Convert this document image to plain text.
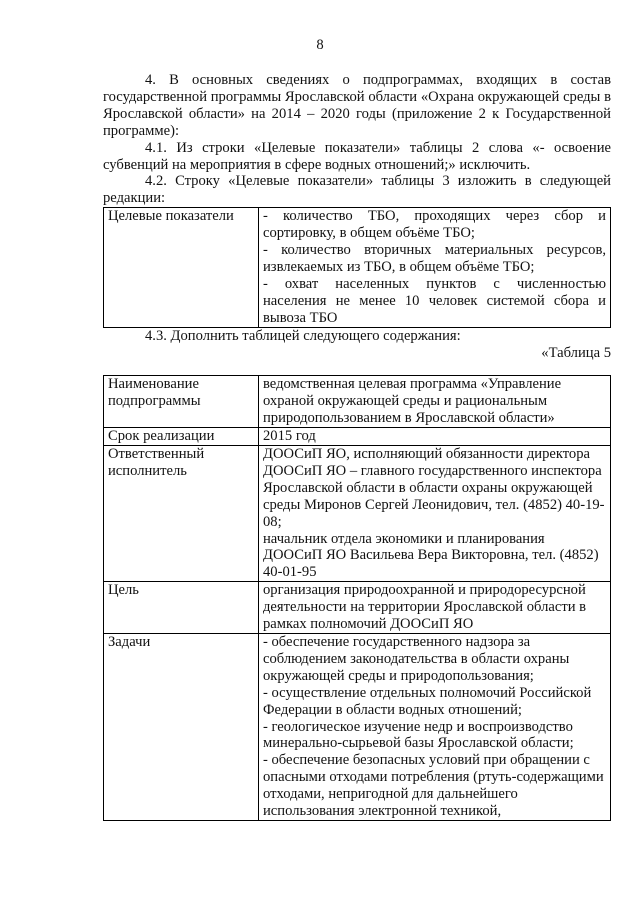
8

4. В основных сведениях о подпрограммах, входящих в состав государственной программы Ярославской области «Охрана окружающей среды в Ярославской области» на 2014 – 2020 годы (приложение 2 к Государственной программе):

4.1. Из строки «Целевые показатели» таблицы 2 слова «- освоение субвенций на мероприятия в сфере водных отношений;» исключить.

4.2. Строку «Целевые показатели» таблицы 3 изложить в следующей редакции:

Целевые показатели	- количество ТБО, проходящих через сбор и сортировку, в общем объёме ТБО;
- количество вторичных материальных ресурсов, извлекаемых из ТБО, в общем объёме ТБО;
- охват населенных пунктов с численностью населения не менее 10 человек системой сбора и вывоза ТБО

4.3. Дополнить таблицей следующего содержания:

«Таблица 5

Наименование подпрограммы	ведомственная целевая программа «Управление охраной окружающей среды и рациональным природопользованием в Ярославской области»

Срок реализации	2015 год

Ответственный исполнитель	ДООСиП ЯО, исполняющий обязанности директора ДООСиП ЯО – главного государственного инспектора Ярославской области в области охраны окружающей среды Миронов Сергей Леонидович, тел. (4852) 40-19-08;
начальник отдела экономики и планирования ДООСиП ЯО Васильева Вера Викторовна, тел. (4852) 40-01-95

Цель	организация природоохранной и природоресурсной деятельности на территории Ярославской области в рамках полномочий ДООСиП ЯО

Задачи	- обеспечение государственного надзора за соблюдением законодательства в области охраны окружающей среды и природопользования;
- осуществление отдельных полномочий Российской Федерации в области водных отношений;
- геологическое изучение недр и воспроизводство минерально-сырьевой базы Ярославской области;
- обеспечение безопасных условий при обращении с опасными отходами потребления (ртуть-содержащими отходами, непригодной для дальнейшего использования электронной техникой,
